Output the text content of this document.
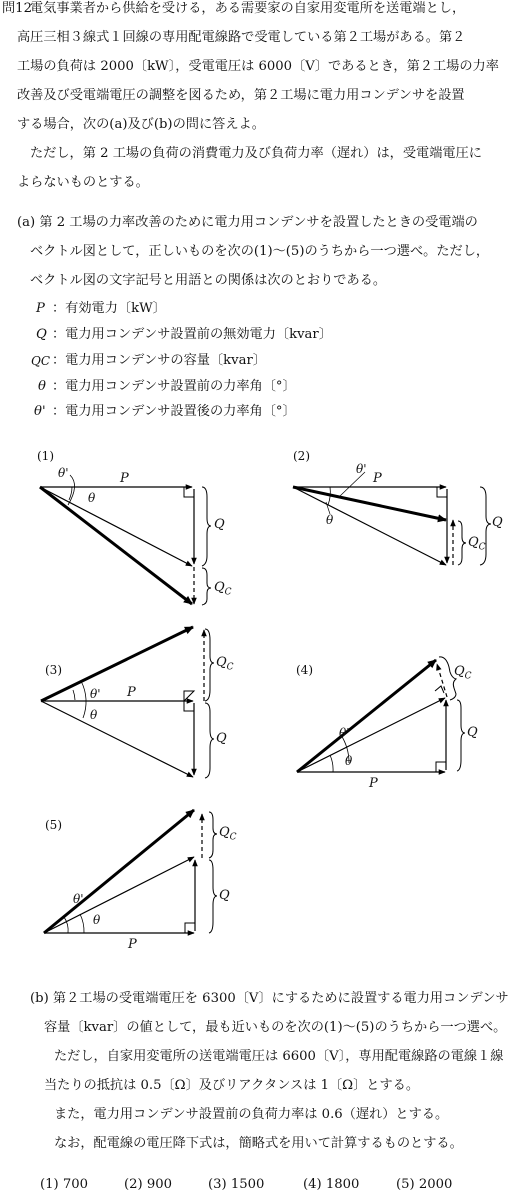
問12
電気事業者から供給を受ける，ある需要家の自家用変電所を送電端とし，
高圧三相３線式１回線の専用配電線路で受電している第２工場がある。第２
工場の負荷は 2000〔kW〕，受電電圧は 6000〔V〕であるとき，第２工場の力率
改善及び受電端電圧の調整を図るため，第２工場に電力用コンデンサを設置
する場合，次の(a)及び(b)の問に答えよ。
ただし，第 2 工場の負荷の消費電力及び負荷力率（遅れ）は，受電端電圧に
よらないものとする。
(a) 第 2 工場の力率改善のために電力用コンデンサを設置したときの受電端の
ベクトル図として，正しいものを次の(1)～(5)のうちから一つ選べ。ただし，
ベクトル図の文字記号と用語との関係は次のとおりである。
P ：有効電力〔kW〕
Q ：電力用コンデンサ設置前の無効電力〔kvar〕
QC ：電力用コンデンサの容量〔kvar〕
θ ：電力用コンデンサ設置前の力率角〔°〕
θ' ：電力用コンデンサ設置後の力率角〔°〕
(1)
θ'	P
θ
Q
$Q_C$
(2)
θ'
P
θ	Q
$Q_C$
(3)
θ' P
θ
$Q_C$
Q
(4)	$Q_C$
Q
θ'
θ
P
(5)	$Q_C$
Q
θ'
θ
P
(b) 第２工場の受電端電圧を 6300〔V〕にするために設置する電力用コンデンサ
容量〔kvar〕の値として，最も近いものを次の(1)～(5)のうちから一つ選べ。
ただし，自家用変電所の送電端電圧は 6600〔V〕，専用配電線路の電線１線
当たりの抵抗は 0.5〔Ω〕及びリアクタンスは 1〔Ω〕とする。
また，電力用コンデンサ設置前の負荷力率は 0.6（遅れ）とする。
なお，配電線の電圧降下式は，簡略式を用いて計算するものとする。
(1) 700	(2) 900	(3) 1500	(4) 1800	(5) 2000
